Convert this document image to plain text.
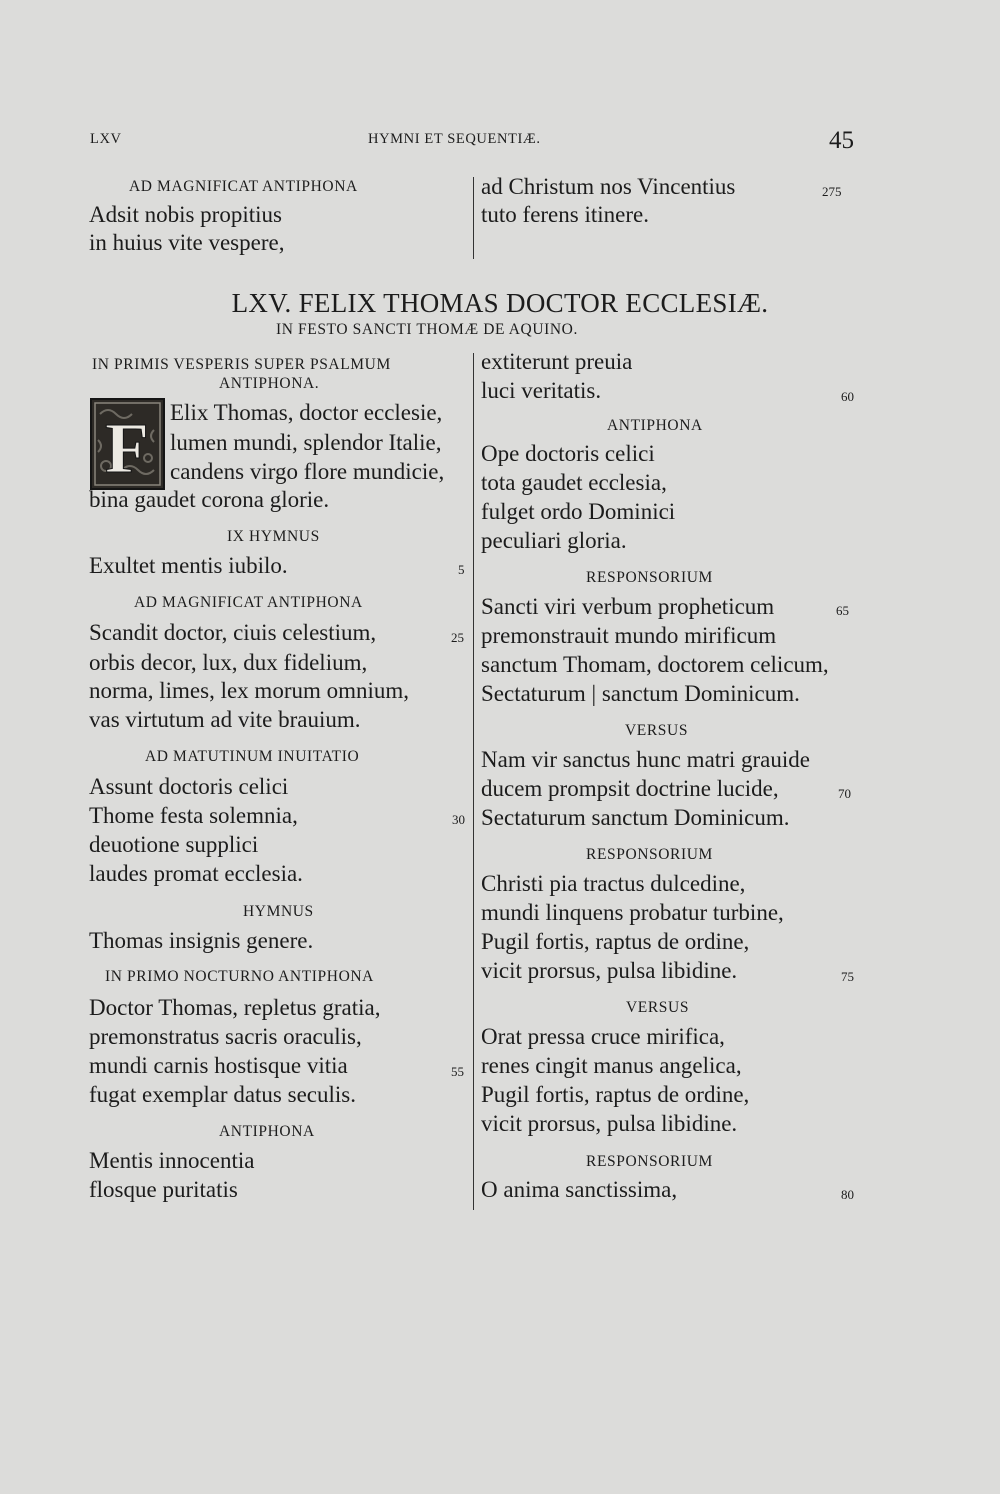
LXV	HYMNI ET SEQUENTIÆ.	45
AD MAGNIFICAT ANTIPHONA
Adsit nobis propitius
in huius vite vespere,
ad Christum nos Vincentius	275
tuto ferens itinere.
LXV. FELIX THOMAS DOCTOR ECCLESIÆ.
IN FESTO SANCTI THOMÆ DE AQUINO.
F
IN PRIMIS VESPERIS SUPER PSALMUM
ANTIPHONA.
Elix Thomas, doctor ecclesie,
lumen mundi, splendor Italie,
candens virgo flore mundicie,
bina gaudet corona glorie.
IX HYMNUS
Exultet mentis iubilo.	5
AD MAGNIFICAT ANTIPHONA
Scandit doctor, ciuis celestium,	25
orbis decor, lux, dux fidelium,
norma, limes, lex morum omnium,
vas virtutum ad vite brauium.
AD MATUTINUM INUITATIO
Assunt doctoris celici
Thome festa solemnia,	30
deuotione supplici
laudes promat ecclesia.
HYMNUS
Thomas insignis genere.
IN PRIMO NOCTURNO ANTIPHONA
Doctor Thomas, repletus gratia,
premonstratus sacris oraculis,
mundi carnis hostisque vitia	55
fugat exemplar datus seculis.
ANTIPHONA
Mentis innocentia
flosque puritatis
extiterunt preuia
luci veritatis.	60
ANTIPHONA
Ope doctoris celici
tota gaudet ecclesia,
fulget ordo Dominici
peculiari gloria.
RESPONSORIUM
Sancti viri verbum propheticum	65
premonstrauit mundo mirificum
sanctum Thomam, doctorem celicum,
Sectaturum | sanctum Dominicum.
VERSUS
Nam vir sanctus hunc matri grauide
ducem prompsit doctrine lucide,	70
Sectaturum sanctum Dominicum.
RESPONSORIUM
Christi pia tractus dulcedine,
mundi linquens probatur turbine,
Pugil fortis, raptus de ordine,
vicit prorsus, pulsa libidine.	75
VERSUS
Orat pressa cruce mirifica,
renes cingit manus angelica,
Pugil fortis, raptus de ordine,
vicit prorsus, pulsa libidine.
RESPONSORIUM
O anima sanctissima,	80
